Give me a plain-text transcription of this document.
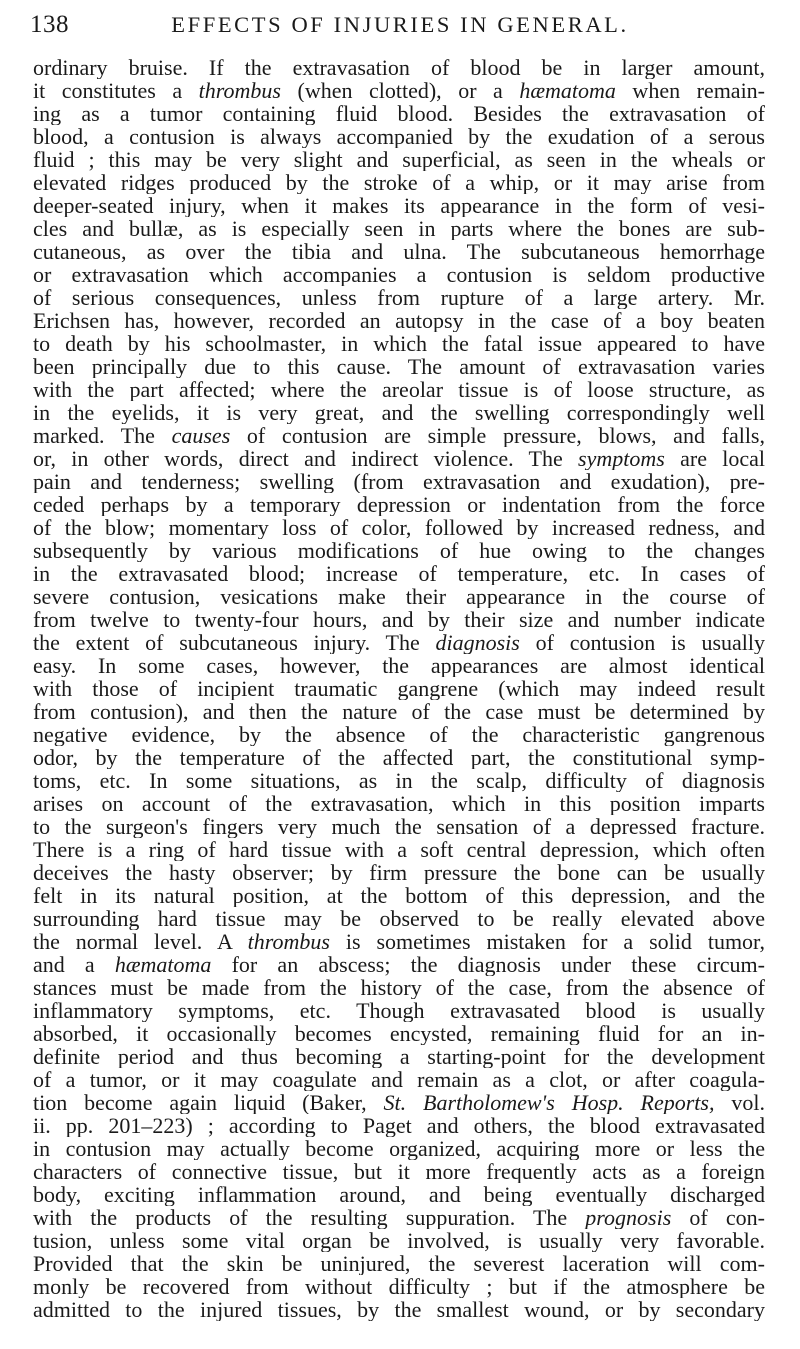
138	EFFECTS OF INJURIES IN GENERAL.
ordinary bruise. If the extravasation of blood be in larger amount,
it constitutes a thrombus (when clotted), or a hæmatoma when remain-
ing as a tumor containing fluid blood. Besides the extravasation of
blood, a contusion is always accompanied by the exudation of a serous
fluid ; this may be very slight and superficial, as seen in the wheals or
elevated ridges produced by the stroke of a whip, or it may arise from
deeper-seated injury, when it makes its appearance in the form of vesi-
cles and bullæ, as is especially seen in parts where the bones are sub-
cutaneous, as over the tibia and ulna. The subcutaneous hemorrhage
or extravasation which accompanies a contusion is seldom productive
of serious consequences, unless from rupture of a large artery. Mr.
Erichsen has, however, recorded an autopsy in the case of a boy beaten
to death by his schoolmaster, in which the fatal issue appeared to have
been principally due to this cause. The amount of extravasation varies
with the part affected; where the areolar tissue is of loose structure, as
in the eyelids, it is very great, and the swelling correspondingly well
marked. The causes of contusion are simple pressure, blows, and falls,
or, in other words, direct and indirect violence. The symptoms are local
pain and tenderness; swelling (from extravasation and exudation), pre-
ceded perhaps by a temporary depression or indentation from the force
of the blow; momentary loss of color, followed by increased redness, and
subsequently by various modifications of hue owing to the changes
in the extravasated blood; increase of temperature, etc. In cases of
severe contusion, vesications make their appearance in the course of
from twelve to twenty-four hours, and by their size and number indicate
the extent of subcutaneous injury. The diagnosis of contusion is usually
easy. In some cases, however, the appearances are almost identical
with those of incipient traumatic gangrene (which may indeed result
from contusion), and then the nature of the case must be determined by
negative evidence, by the absence of the characteristic gangrenous
odor, by the temperature of the affected part, the constitutional symp-
toms, etc. In some situations, as in the scalp, difficulty of diagnosis
arises on account of the extravasation, which in this position imparts
to the surgeon's fingers very much the sensation of a depressed fracture.
There is a ring of hard tissue with a soft central depression, which often
deceives the hasty observer; by firm pressure the bone can be usually
felt in its natural position, at the bottom of this depression, and the
surrounding hard tissue may be observed to be really elevated above
the normal level. A thrombus is sometimes mistaken for a solid tumor,
and a hæmatoma for an abscess; the diagnosis under these circum-
stances must be made from the history of the case, from the absence of
inflammatory symptoms, etc. Though extravasated blood is usually
absorbed, it occasionally becomes encysted, remaining fluid for an in-
definite period and thus becoming a starting-point for the development
of a tumor, or it may coagulate and remain as a clot, or after coagula-
tion become again liquid (Baker, St. Bartholomew's Hosp. Reports, vol.
ii. pp. 201–223) ; according to Paget and others, the blood extravasated
in contusion may actually become organized, acquiring more or less the
characters of connective tissue, but it more frequently acts as a foreign
body, exciting inflammation around, and being eventually discharged
with the products of the resulting suppuration. The prognosis of con-
tusion, unless some vital organ be involved, is usually very favorable.
Provided that the skin be uninjured, the severest laceration will com-
monly be recovered from without difficulty ; but if the atmosphere be
admitted to the injured tissues, by the smallest wound, or by secondary
